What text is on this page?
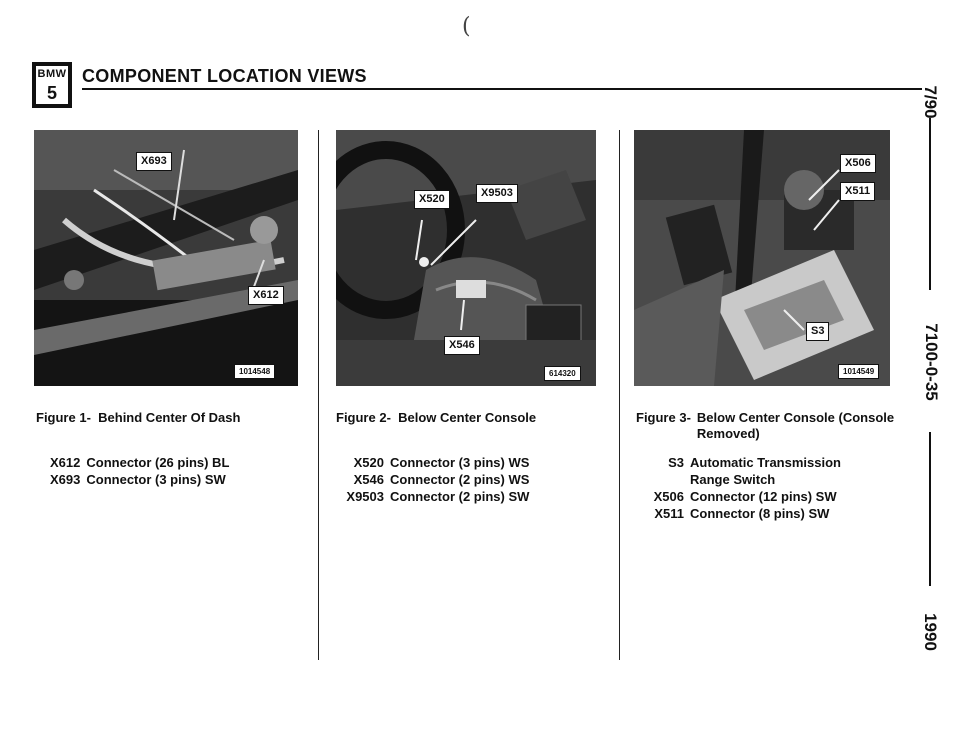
(
BMW
5
COMPONENT LOCATION VIEWS
7/90
7100-0-35
1990
X693
X612
1014548
X520	X9503
X546
614320
X506
X511
S3
1014549
Figure 1- Behind Center Of Dash	Figure 2- Below Center Console	Figure 3- Below Center Console (Console Removed)
X612	Connector (26 pins) BL
X693	Connector (3 pins) SW
X520	Connector (3 pins) WS
X546	Connector (2 pins) WS
X9503	Connector (2 pins) SW
S3	Automatic Transmission Range Switch
X506	Connector (12 pins) SW
X511	Connector (8 pins) SW
